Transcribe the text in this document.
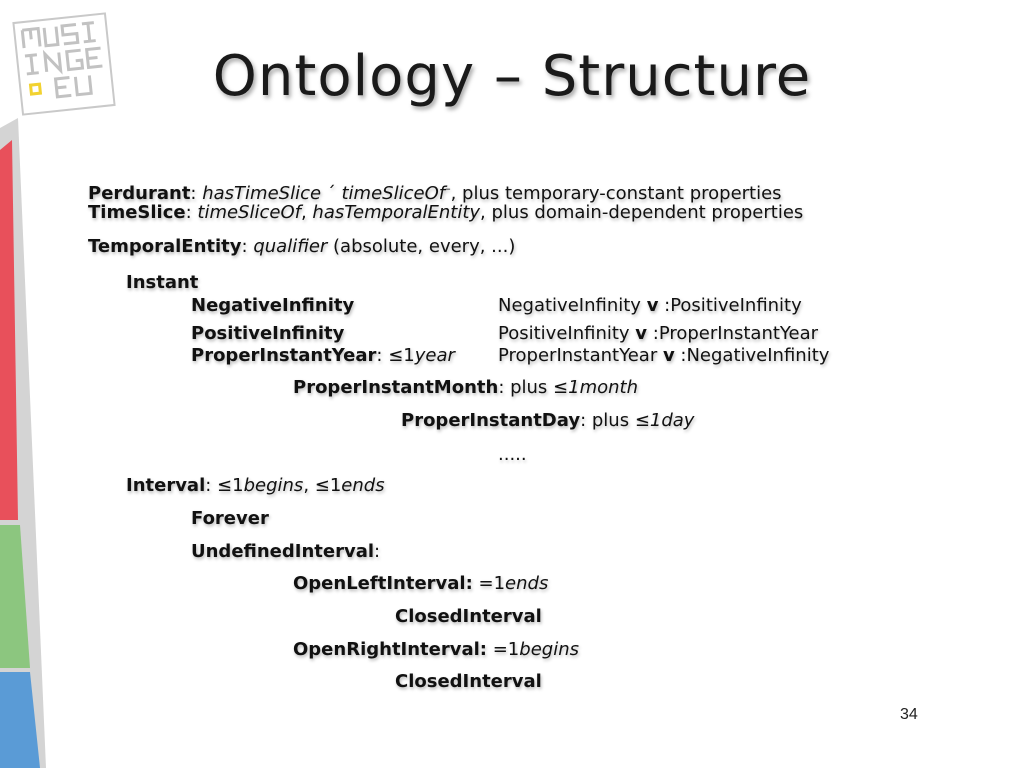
Ontology – Structure
Perdurant: hasTimeSlice ´ timeSliceOf–, plus temporary-constant properties
TimeSlice: timeSliceOf, hasTemporalEntity, plus domain-dependent properties
TemporalEntity: qualifier (absolute, every, ...)
Instant
NegativeInfinity	NegativeInfinity v :PositiveInfinity
PositiveInfinity	PositiveInfinity v :ProperInstantYear
ProperInstantYear: ≤1year ProperInstantYear v :NegativeInfinity
ProperInstantMonth: plus ≤1month
ProperInstantDay: plus ≤1day
.....
Interval: ≤1begins, ≤1ends
Forever
UndefinedInterval:
OpenLeftInterval: =1ends
ClosedInterval
OpenRightInterval: =1begins
ClosedInterval
34
